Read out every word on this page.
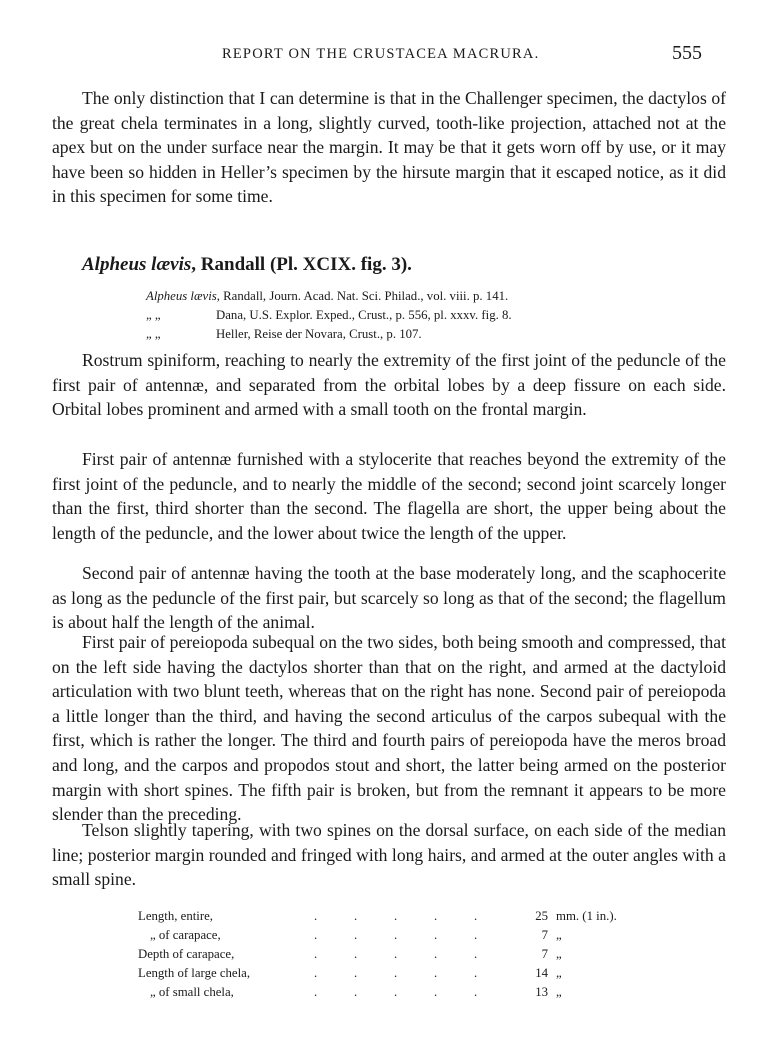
REPORT ON THE CRUSTACEA MACRURA.	555

The only distinction that I can determine is that in the Challenger specimen, the dactylos of the great chela terminates in a long, slightly curved, tooth-like projection, attached not at the apex but on the under surface near the margin. It may be that it gets worn off by use, or it may have been so hidden in Heller’s specimen by the hirsute margin that it escaped notice, as it did in this specimen for some time.

Alpheus lævis, Randall (Pl. XCIX. fig. 3).
Alpheus lævis, Randall, Journ. Acad. Nat. Sci. Philad., vol. viii. p. 141.
„ „	Dana, U.S. Explor. Exped., Crust., p. 556, pl. xxxv. fig. 8.
„ „	Heller, Reise der Novara, Crust., p. 107.

Rostrum spiniform, reaching to nearly the extremity of the first joint of the peduncle of the first pair of antennæ, and separated from the orbital lobes by a deep fissure on each side. Orbital lobes prominent and armed with a small tooth on the frontal margin.

First pair of antennæ furnished with a stylocerite that reaches beyond the extremity of the first joint of the peduncle, and to nearly the middle of the second; second joint scarcely longer than the first, third shorter than the second. The flagella are short, the upper being about the length of the peduncle, and the lower about twice the length of the upper.

Second pair of antennæ having the tooth at the base moderately long, and the scaphocerite as long as the peduncle of the first pair, but scarcely so long as that of the second; the flagellum is about half the length of the animal.

First pair of pereiopoda subequal on the two sides, both being smooth and compressed, that on the left side having the dactylos shorter than that on the right, and armed at the dactyloid articulation with two blunt teeth, whereas that on the right has none. Second pair of pereiopoda a little longer than the third, and having the second articulus of the carpos subequal with the first, which is rather the longer. The third and fourth pairs of pereiopoda have the meros broad and long, and the carpos and propodos stout and short, the latter being armed on the posterior margin with short spines. The fifth pair is broken, but from the remnant it appears to be more slender than the preceding.

Telson slightly tapering, with two spines on the dorsal surface, on each side of the median line; posterior margin rounded and fringed with long hairs, and armed at the outer angles with a small spine.

Length, entire,	. . . . .	25	mm. (1 in.).
„ of carapace,	. . . . .	7	„
Depth of carapace,	. . . . .	7	„
Length of large chela,	. . . . .	14	„
„ of small chela,	. . . . .	13	„
